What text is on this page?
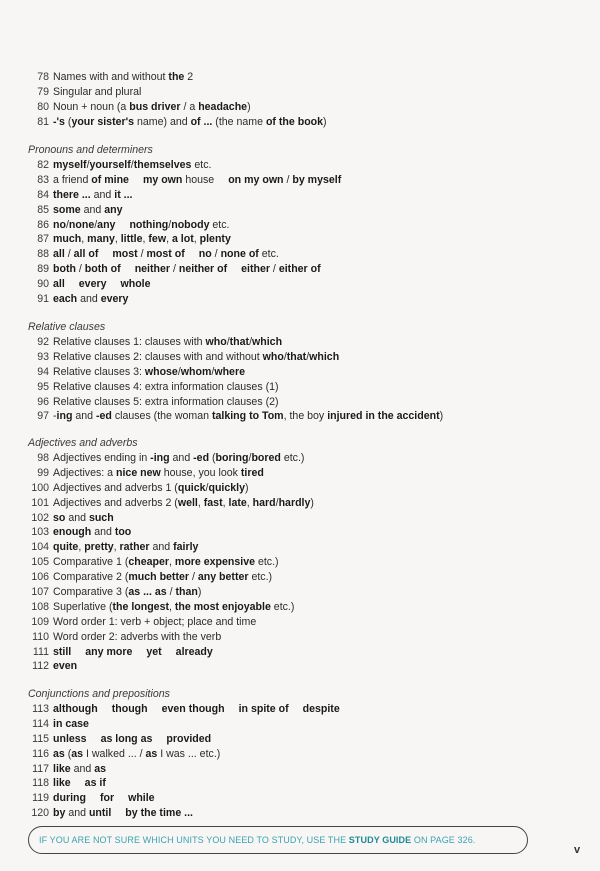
78 Names with and without the 2
79 Singular and plural
80 Noun + noun (a bus driver / a headache)
81 -'s (your sister's name) and of ... (the name of the book)
Pronouns and determiners
82 myself/yourself/themselves etc.
83 a friend of mine my own house on my own / by myself
84 there ... and it ...
85 some and any
86 no/none/any nothing/nobody etc.
87 much, many, little, few, a lot, plenty
88 all / all of most / most of no / none of etc.
89 both / both of neither / neither of either / either of
90 all every whole
91 each and every
Relative clauses
92 Relative clauses 1: clauses with who/that/which
93 Relative clauses 2: clauses with and without who/that/which
94 Relative clauses 3: whose/whom/where
95 Relative clauses 4: extra information clauses (1)
96 Relative clauses 5: extra information clauses (2)
97 -ing and -ed clauses (the woman talking to Tom, the boy injured in the accident)
Adjectives and adverbs
98 Adjectives ending in -ing and -ed (boring/bored etc.)
99 Adjectives: a nice new house, you look tired
100 Adjectives and adverbs 1 (quick/quickly)
101 Adjectives and adverbs 2 (well, fast, late, hard/hardly)
102 so and such
103 enough and too
104 quite, pretty, rather and fairly
105 Comparative 1 (cheaper, more expensive etc.)
106 Comparative 2 (much better / any better etc.)
107 Comparative 3 (as ... as / than)
108 Superlative (the longest, the most enjoyable etc.)
109 Word order 1: verb + object; place and time
110 Word order 2: adverbs with the verb
111 still any more yet already
112 even
Conjunctions and prepositions
113 although though even though in spite of despite
114 in case
115 unless as long as provided
116 as (as I walked ... / as I was ... etc.)
117 like and as
118 like as if
119 during for while
120 by and until by the time ...
IF YOU ARE NOT SURE WHICH UNITS YOU NEED TO STUDY, USE THE STUDY GUIDE ON PAGE 326.
v
